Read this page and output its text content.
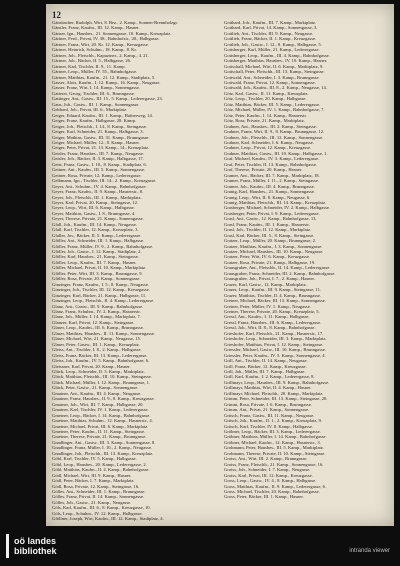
12
Gänsbacher, Rudolph, Wirt, 8. Bez., 2. Kamp., Sonnen-Brennholzgr.
Gänsler, Franz, Kaufm., III. 12. Kamp., Hasner.
Gänser, Ign., Hausbes., 21. Sonnengasse, 10. Kamp., Kreuzplatz.
Gärtner, Ferd., Privat, IV. 38., Bahnhofstr., 20., Halbgasse.
Gärtner, Franz, Wirt, 20. Kr. 12. Kamp., Kreuzgasse.
Gärtner, Heinrich, Schuhm., 18. Kamp., 8. Kr.
Gärtner, Joh., Fleischh., Kapuziner., 2. Kamp., 4. 21.
Gärtner, Joh., Bäcker, II. 5., Halbgasse, 26.
Gärtner, Karl, Tischler, II. 9., 11. Kamp.
Gärtner, Leop., Müller, IV. 55., Bahnhofgasse.
Gärtner, Matthias, Kaufm., 21. 12. Kamp., Stadtplatz, 5.
Gasser, Alois, Kaufm., I. 12. Kamp., 16. Kamp., Neugasse.
Gasser, Franz, Wirt, I. 14. Kamp., Sonnengasse.
Gatterer, Georg, Tischler, III. 6., Brunngasse.
Gattinger, Ant., Gastw., III. 15., 5. Kamp., Lederergasse, 23.
Gaus, Joh., Gastw., III. 1. Kamp., Sonnengasse.
Gebhard, Joh., Privat, III. 6., Marktplatz.
Geiger, Eduard, Kaufm., III. 1. Kamp., Hafnerweg, 14.
Geiger, Franz, Kaufm., Halbgasse, 28. Kamp.
Geiger, Joh., Fleischh., I. 14., 8. Kamp., Steingasse.
Geiger, Karl, Schneider, 21. Kamp., Halbgasse, 3.
Geiger, Mathias, Gastw., III. 31. Kamp., Brunngasse.
Geiger, Michael, Müller, 12., 8. Kamp., Hasner.
Geiger, Peter, Privat, 21. 13. Kamp., 14., Kreuzplatz.
Geisler, Franz, Hausbes., III. 7. Kamp., Neugasse.
Geisler, Joh., Bäcker, II. 3. Kamp., Halbgasse, 17.
Geist, Franz, Gastw., I. 10., 8. Kamp., Stadtplatz, 6.
Geitner, Ant., Kaufm., III. 5. Kamp., Sonnengasse.
Geitner, Rosa, Private, 12. Kamp., Lederergasse.
Gelbmann, Ign., Tischler, III. 14., 2. Kamp., Kreuzgasse.
Geyer, Ant., Schuhm., IV. 4. Kamp., Bahnhofgasse.
Geyer, Franz, Kaufm., II. 9. Kamp., Hasnerstr., 8.
Geyer, Joh., Fleischh., III. 1. Kamp., Marktplatz.
Geyer, Karl, Privat, 20. Kamp., Steingasse, 12.
Geyer, Leop., Wirt, III. 6. Kamp., Halbgasse.
Geyer, Matthias, Gastw., I. 8., Brunngasse, 4.
Geyer, Therese, Private, 21. Kamp., Sonnengasse.
Gfall, Joh., Kaufm., III. 14. Kamp., Neugasse.
Gfall, Karl, Tischler, 12. Kamp., Kreuzplatz, 3.
Gfaller, Jos., Bäcker, II. 5. Kamp., Lederergasse.
Gföller, Ant., Schneider, III. 1. Kamp., Halbgasse.
Gföller, Franz, Müller, IV. 9., 2. Kamp., Bahnhofgasse.
Gföller, Joh., Gastw., I. 12. Kamp., Stadtplatz, 2.
Gföller, Karl, Hausbes., 21. Kamp., Steingasse.
Gföller, Leop., Kaufm., III. 7. Kamp., Hasner.
Gföller, Michael, Privat, II. 10. Kamp., Marktplatz.
Gföller, Peter, Wirt, III. 3. Kamp., Brunngasse, 9.
Gföller, Rosa, Private, 20. Kamp., Sonnengasse.
Ginzinger, Franz, Kaufm., I. 5., 8. Kamp., Neugasse.
Ginzinger, Joh., Tischler, III. 12. Kamp., Kreuzgasse.
Ginzinger, Karl, Bäcker, 21. Kamp., Halbgasse, 11.
Ginzinger, Leop., Fleischh., II. 4. Kamp., Lederergasse.
Glanz, Ant., Gastw., III. 9. Kamp., Bahnhofgasse.
Glanz, Franz, Schuhm., IV. 2. Kamp., Hasnerstr.
Glanz, Joh., Müller, I. 14. Kamp., Marktplatz, 7.
Glanzer, Karl, Privat, 12. Kamp., Steingasse.
Glaser, Leop., Kaufm., III. 6. Kamp., Brunngasse.
Glaser, Matthias, Hausbes., II. 11. Kamp., Sonnengasse.
Glaser, Michael, Wirt, 21. Kamp., Neugasse, 15.
Glaser, Peter, Gastw., III. 1. Kamp., Kreuzplatz.
Gleiss, Ant., Tischler, I. 8., 2. Kamp., Halbgasse.
Gleiss, Franz, Bäcker, III. 13. Kamp., Lederergasse.
Gleiss, Joh., Kaufm., IV. 5. Kamp., Bahnhofgasse, 6.
Gleissner, Karl, Privat, 20. Kamp., Hasner.
Glück, Leop., Schneider, II. 3. Kamp., Marktplatz.
Glück, Matthias, Fleischh., III. 10. Kamp., Steingasse.
Glück, Michael, Müller, I. 12. Kamp., Brunngasse, 1.
Glück, Peter, Gastw., 21. Kamp., Sonnengasse.
Gmainer, Ant., Kaufm., III. 4. Kamp., Neugasse.
Gmainer, Franz, Hausbes., II. 9., 8. Kamp., Kreuzgasse.
Gmainer, Joh., Wirt, III. 7. Kamp., Halbgasse, 20.
Gmainer, Karl, Tischler, IV. 1. Kamp., Lederergasse.
Gmeiner, Leop., Bäcker, I. 14. Kamp., Bahnhofgasse.
Gmeiner, Matthias, Schuhm., 12. Kamp., Hasnerstr., 4.
Gmeiner, Michael, Privat, III. 6. Kamp., Marktplatz.
Gmeiner, Peter, Kaufm., II. 11. Kamp., Steingasse.
Gmeiner, Therese, Private, 21. Kamp., Brunngasse.
Gnadlinger, Ant., Gastw., III. 3. Kamp., Sonnengasse, 8.
Gnadlinger, Franz, Müller, I. 10., 2. Kamp., Neugasse.
Gnadlinger, Joh., Fleischh., III. 13. Kamp., Kreuzplatz.
Göbl, Karl, Tischler, IV. 5. Kamp., Halbgasse.
Göbl, Leop., Hausbes., 20. Kamp., Lederergasse, 2.
Göbl, Matthias, Kaufm., II. 4. Kamp., Bahnhofgasse.
Gödl, Michael, Wirt, III. 9. Kamp., Hasner.
Gödl, Peter, Bäcker, I. 7. Kamp., Marktplatz.
Gödl, Rosa, Private, 12. Kamp., Steingasse, 16.
Gölles, Ant., Schneider, III. 1. Kamp., Brunngasse.
Gölles, Franz, Privat, II. 14. Kamp., Sonnengasse.
Gölles, Joh., Gastw., 21. Kamp., Neugasse.
Göls, Karl, Kaufm., III. 6., 8. Kamp., Kreuzgasse, 10.
Göls, Leop., Schuhm., IV. 12. Kamp., Halbgasse.
Gföllner, Joseph, Wirt, Kaufm., III. 12. Kamp., Stadtplatz, 4.
Gotthard, Joh., Kaufm., III. 7. Kamp., Marktplatz.
Gotthard, Karl, Privat, 14. Kamp., Sonnengasse, 3.
Gottlieb, Ant., Tischler, III. 9. Kamp., Neugasse.
Gottlieb, Franz, Bäcker, II. 1. Kamp., Kreuzgasse.
Gottlieb, Joh., Gastw., I. 12., 8. Kamp., Halbgasse, 5.
Gottsberger, Karl, Müller, 21. Kamp., Lederergasse.
Gottsberger, Leop., Kaufm., III. 4. Kamp., Bahnhofgasse.
Gottsberger, Matthias, Hausbes., IV. 10. Kamp., Hasner.
Gottschall, Michael, Wirt, II. 6. Kamp., Marktplatz, 9.
Gottschall, Peter, Fleischh., III. 13. Kamp., Steingasse.
Gottwald, Ant., Schneider, I. 3. Kamp., Brunngasse.
Gottwald, Franz, Privat, 12. Kamp., Sonnengasse.
Gottwald, Joh., Kaufm., III. 8., 2. Kamp., Neugasse, 14.
Götz, Karl, Gastw., II. 11. Kamp., Kreuzplatz.
Götz, Leop., Tischler, 20. Kamp., Halbgasse.
Götz, Matthias, Bäcker, III. 5. Kamp., Lederergasse.
Götz, Michael, Müller, IV. 1. Kamp., Bahnhofgasse, 7.
Götz, Peter, Kaufm., I. 14. Kamp., Hasnerstr.
Götz, Rosa, Private, 21. Kamp., Marktplatz.
Grabner, Ant., Hausbes., III. 2. Kamp., Steingasse.
Grabner, Franz, Wirt, II. 9., 8. Kamp., Brunngasse, 12.
Grabner, Joh., Fleischh., III. 12. Kamp., Sonnengasse.
Grabner, Karl, Schneider, I. 6. Kamp., Neugasse.
Grabner, Leop., Privat, 12. Kamp., Kreuzgasse.
Grabner, Matthias, Gastw., III. 10. Kamp., Halbgasse, 1.
Graf, Michael, Kaufm., IV. 3. Kamp., Lederergasse.
Graf, Peter, Tischler, II. 13. Kamp., Bahnhofgasse.
Graf, Therese, Private, 20. Kamp., Hasner.
Gramer, Ant., Bäcker, III. 7. Kamp., Marktplatz, 18.
Gramer, Franz, Müller, I. 11., 2. Kamp., Steingasse.
Gramer, Joh., Kaufm., III. 4. Kamp., Brunngasse.
Granig, Karl, Hausbes., 21. Kamp., Sonnengasse.
Granig, Leop., Wirt, II. 8. Kamp., Neugasse, 6.
Granig, Matthias, Fleischh., III. 14. Kamp., Kreuzplatz.
Grasberger, Michael, Schneider, IV. 2. Kamp., Halbgasse.
Grasberger, Peter, Privat, I. 9. Kamp., Lederergasse.
Grasl, Ant., Gastw., 12. Kamp., Bahnhofgasse, 13.
Grasl, Franz, Kaufm., III. 1. Kamp., Hasnerstr.
Grasl, Joh., Tischler, II. 12. Kamp., Marktplatz.
Grasl, Karl, Bäcker, III. 5., 8. Kamp., Steingasse.
Gratzer, Leop., Müller, 20. Kamp., Brunngasse, 2.
Gratzer, Matthias, Kaufm., I. 3. Kamp., Sonnengasse.
Gratzer, Michael, Hausbes., III. 10. Kamp., Neugasse.
Gratzer, Peter, Wirt, IV. 6. Kamp., Kreuzgasse.
Gratzer, Rosa, Private, 21. Kamp., Halbgasse, 19.
Grausgruber, Ant., Fleischh., II. 14. Kamp., Lederergasse.
Grausgruber, Franz, Schneider, III. 2. Kamp., Bahnhofgasse.
Grausgruber, Joh., Privat, I. 7., 2. Kamp., Hasner.
Grazer, Karl, Gastw., 12. Kamp., Marktplatz.
Grazer, Leop., Kaufm., III. 9. Kamp., Steingasse, 11.
Grazer, Matthias, Tischler, II. 4. Kamp., Brunngasse.
Greiner, Michael, Bäcker, III. 13. Kamp., Sonnengasse.
Greiner, Peter, Müller, IV. 1. Kamp., Neugasse.
Greiner, Therese, Private, 20. Kamp., Kreuzplatz, 5.
Gressl, Ant., Kaufm., I. 11. Kamp., Halbgasse.
Gressl, Franz, Hausbes., III. 6. Kamp., Lederergasse.
Gressl, Joh., Wirt, II. 8., 8. Kamp., Bahnhofgasse.
Grieshofer, Karl, Fleischh., 21. Kamp., Hasnerstr., 17.
Grieshofer, Leop., Schneider, III. 3. Kamp., Marktplatz.
Grieshofer, Matthias, Privat, I. 12. Kamp., Steingasse.
Griessler, Michael, Gastw., III. 10. Kamp., Brunngasse.
Griessler, Peter, Kaufm., IV. 5. Kamp., Sonnengasse, 4.
Grill, Ant., Tischler, II. 14. Kamp., Neugasse.
Grill, Franz, Bäcker, 12. Kamp., Kreuzgasse.
Grill, Joh., Müller, III. 7. Kamp., Halbgasse.
Grill, Karl, Kaufm., I. 2. Kamp., Lederergasse, 8.
Grillmayr, Leop., Hausbes., III. 9. Kamp., Bahnhofgasse.
Grillmayr, Matthias, Wirt, II. 4. Kamp., Hasner.
Grillmayr, Michael, Fleischh., 20. Kamp., Marktplatz.
Grimm, Peter, Schneider, III. 13. Kamp., Steingasse, 20.
Grimm, Rosa, Private, I. 6. Kamp., Brunngasse.
Grimm, Ant., Privat, 21. Kamp., Sonnengasse.
Gritsch, Franz, Gastw., III. 11. Kamp., Neugasse.
Gritsch, Joh., Kaufm., II. 1., 2. Kamp., Kreuzplatz, 9.
Gritsch, Karl, Tischler, IV. 8. Kamp., Halbgasse.
Gröbner, Leop., Bäcker, III. 3. Kamp., Lederergasse.
Gröbner, Matthias, Müller, I. 14. Kamp., Bahnhofgasse.
Gröbner, Michael, Kaufm., 12. Kamp., Hasnerstr., 3.
Grohmann, Peter, Hausbes., III. 5. Kamp., Marktplatz.
Grohmann, Therese, Private, II. 10. Kamp., Steingasse.
Groiss, Ant., Wirt, III. 2. Kamp., Brunngasse.
Groiss, Franz, Fleischh., 21. Kamp., Sonnengasse, 16.
Groiss, Joh., Schneider, I. 7. Kamp., Neugasse.
Groiss, Karl, Privat, III. 12. Kamp., Kreuzgasse.
Gross, Leop., Gastw., IV. 4., 8. Kamp., Halbgasse.
Gross, Matthias, Kaufm., II. 9. Kamp., Lederergasse, 6.
Gross, Michael, Tischler, 20. Kamp., Bahnhofgasse.
Gross, Peter, Bäcker, III. 1. Kamp., Hasner.
oö landes
bibliothek	intranda viewer
